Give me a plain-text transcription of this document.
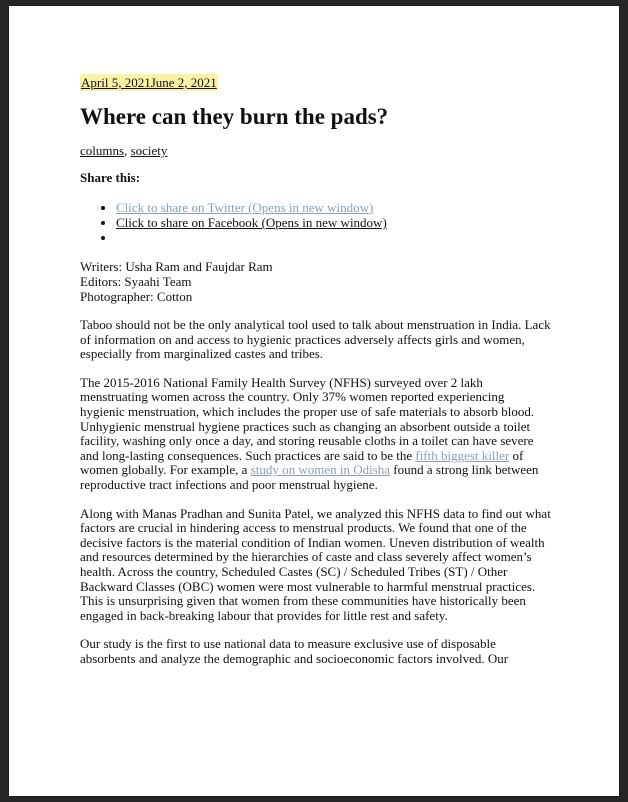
April 5, 2021June 2, 2021
Where can they burn the pads?
columns, society
Share this:
• Click to share on Twitter (Opens in new window)
• Click to share on Facebook (Opens in new window)
•
Writers: Usha Ram and Faujdar Ram
Editors: Syaahi Team
Photographer: Cotton

Taboo should not be the only analytical tool used to talk about menstruation in India. Lack of information on and access to hygienic practices adversely affects girls and women, especially from marginalized castes and tribes.

The 2015-2016 National Family Health Survey (NFHS) surveyed over 2 lakh menstruating women across the country. Only 37% women reported experiencing hygienic menstruation, which includes the proper use of safe materials to absorb blood. Unhygienic menstrual hygiene practices such as changing an absorbent outside a toilet facility, washing only once a day, and storing reusable cloths in a toilet can have severe and long-lasting consequences. Such practices are said to be the fifth biggest killer of women globally. For example, a study on women in Odisha found a strong link between reproductive tract infections and poor menstrual hygiene.

Along with Manas Pradhan and Sunita Patel, we analyzed this NFHS data to find out what factors are crucial in hindering access to menstrual products. We found that one of the decisive factors is the material condition of Indian women. Uneven distribution of wealth and resources determined by the hierarchies of caste and class severely affect women’s health. Across the country, Scheduled Castes (SC) / Scheduled Tribes (ST) / Other Backward Classes (OBC) women were most vulnerable to harmful menstrual practices. This is unsurprising given that women from these communities have historically been engaged in back-breaking labour that provides for little rest and safety.

Our study is the first to use national data to measure exclusive use of disposable absorbents and analyze the demographic and socioeconomic factors involved. Our
